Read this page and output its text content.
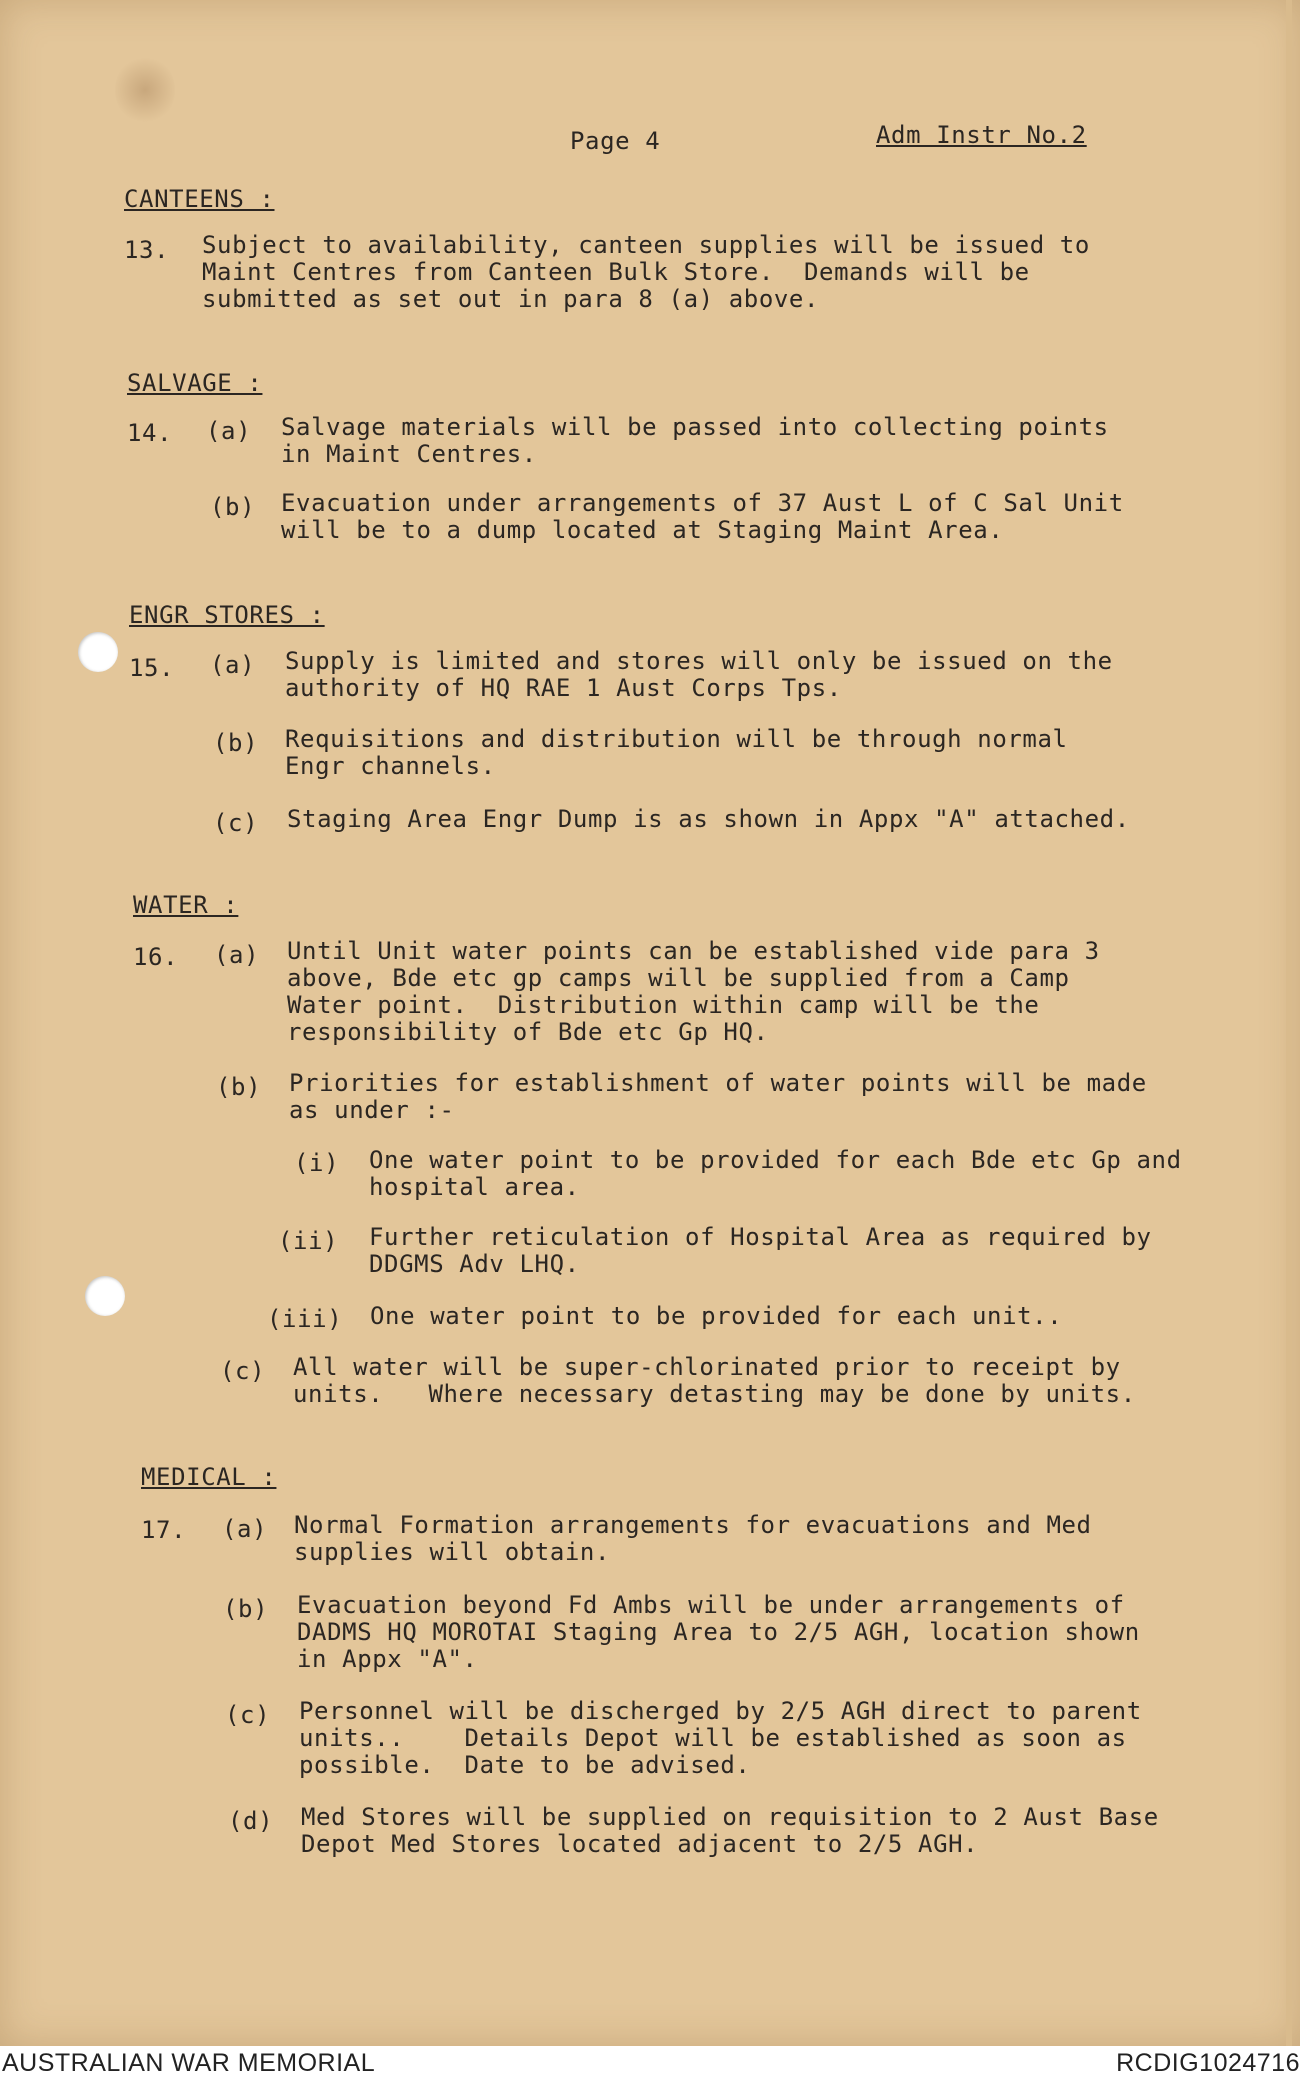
Page 4	Adm Instr No.2
CANTEENS :
13. Subject to availability, canteen supplies will be issued to
Maint Centres from Canteen Bulk Store.  Demands will be
submitted as set out in para 8 (a) above.
SALVAGE :
14. (a) Salvage materials will be passed into collecting points
in Maint Centres.
(b) Evacuation under arrangements of 37 Aust L of C Sal Unit
will be to a dump located at Staging Maint Area.
ENGR STORES :
15. (a) Supply is limited and stores will only be issued on the
authority of HQ RAE 1 Aust Corps Tps.
(b) Requisitions and distribution will be through normal
Engr channels.
(c) Staging Area Engr Dump is as shown in Appx "A" attached.
WATER :
16. (a) Until Unit water points can be established vide para 3
above, Bde etc gp camps will be supplied from a Camp
Water point.  Distribution within camp will be the
responsibility of Bde etc Gp HQ.
(b) Priorities for establishment of water points will be made
as under :-
(i) One water point to be provided for each Bde etc Gp and
hospital area.
(ii) Further reticulation of Hospital Area as required by
DDGMS Adv LHQ.
(iii) One water point to be provided for each unit..
(c) All water will be super-chlorinated prior to receipt by
units.   Where necessary detasting may be done by units.
MEDICAL :
17. (a) Normal Formation arrangements for evacuations and Med
supplies will obtain.
(b) Evacuation beyond Fd Ambs will be under arrangements of
DADMS HQ MOROTAI Staging Area to 2/5 AGH, location shown
in Appx "A".
(c) Personnel will be discherged by 2/5 AGH direct to parent
units..    Details Depot will be established as soon as
possible.  Date to be advised.
(d) Med Stores will be supplied on requisition to 2 Aust Base
Depot Med Stores located adjacent to 2/5 AGH.
AUSTRALIAN WAR MEMORIAL	RCDIG1024716
